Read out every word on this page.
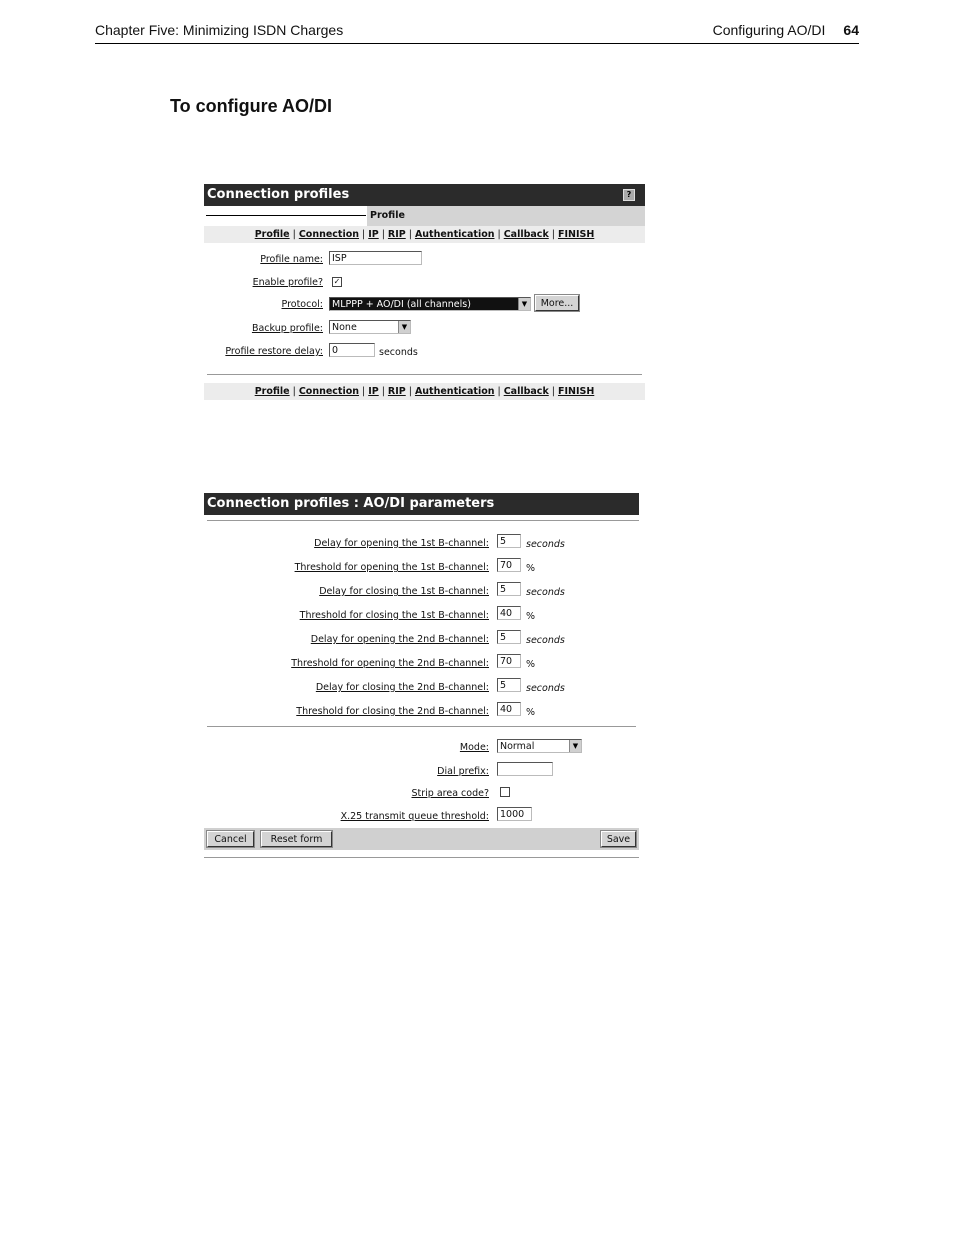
Chapter Five: Minimizing ISDN Charges	Configuring AO/DI 64
To configure AO/DI
Connection profiles	?
Profile
Profile | Connection | IP | RIP | Authentication | Callback | FINISH
Profile name: ISP
Enable profile? ✓
Protocol: MLPPP + AO/DI (all channels)	▼	More...
Backup profile: None	▼
Profile restore delay: 0	seconds
Profile | Connection | IP | RIP | Authentication | Callback | FINISH
Connection profiles : AO/DI parameters
Delay for opening the 1st B-channel:	5	seconds
Threshold for opening the 1st B-channel:	70	%
Delay for closing the 1st B-channel:	5	seconds
Threshold for closing the 1st B-channel:	40	%
Delay for opening the 2nd B-channel:	5	seconds
Threshold for opening the 2nd B-channel:	70	%
Delay for closing the 2nd B-channel:	5	seconds
Threshold for closing the 2nd B-channel:	40	%
Mode:	Normal	▼
Dial prefix:
Strip area code?
X.25 transmit queue threshold:	1000
Cancel	Reset form	Save
